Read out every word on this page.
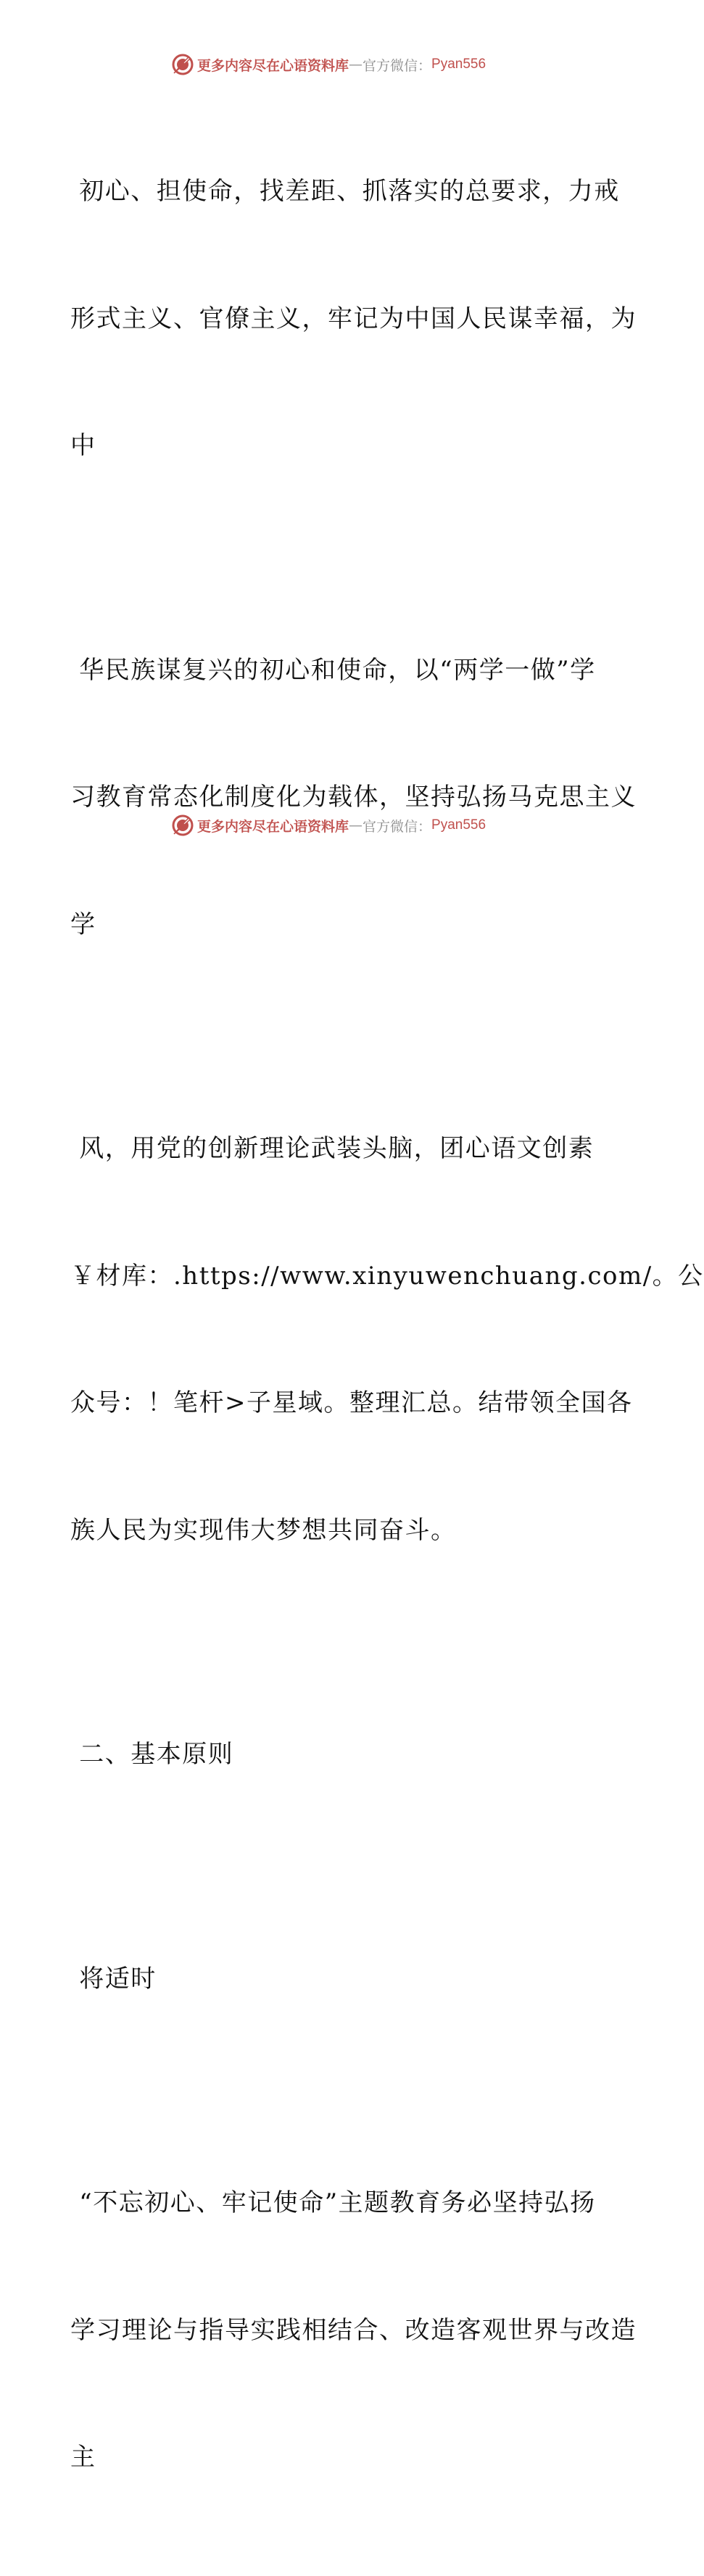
更多内容尽在心语资料库 — 官方微信： Pyan556

初心、担使命，找差距、抓落实的总要求，力戒

形式主义、官僚主义，牢记为中国人民谋幸福，为

中

华民族谋复兴的初心和使命，以“两学一做”学

习教育常态化制度化为载体，坚持弘扬马克思主义

学

风，用党的创新理论武装头脑，团心语文创素

￥材库：.https://www.xinyuwenchuang.com/。公

众号：！笔杆>子星域。整理汇总。结带领全国各

族人民为实现伟大梦想共同奋斗。

二、基本原则

将适时

“不忘初心、牢记使命”主题教育务必坚持弘扬

学习理论与指导实践相结合、改造客观世界与改造

主

更多内容尽在心语资料库 — 官方微信： Pyan556
